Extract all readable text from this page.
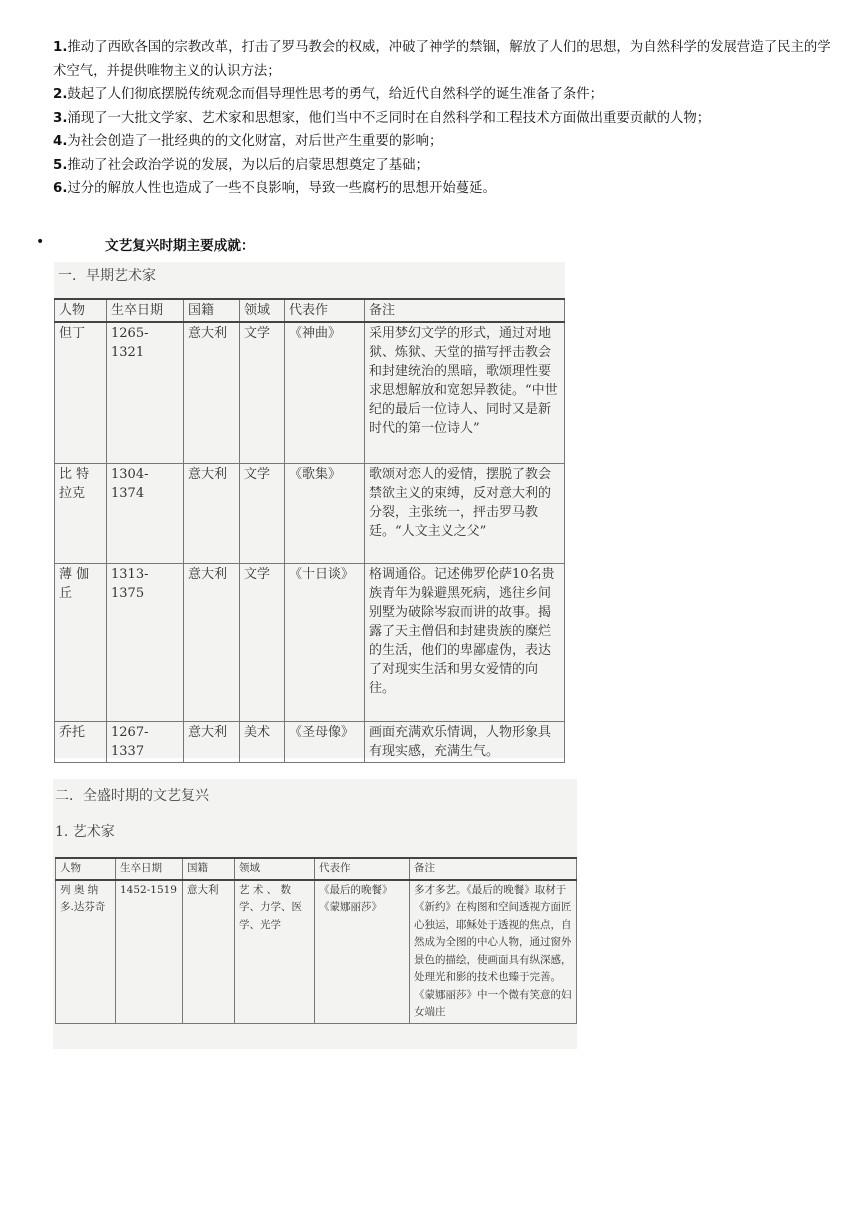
1.推动了西欧各国的宗教改革，打击了罗马教会的权威，冲破了神学的禁锢，解放了人们的思想，为自然科学的发展营造了民主的学术空气，并提供唯物主义的认识方法；

2.鼓起了人们彻底摆脱传统观念而倡导理性思考的勇气，给近代自然科学的诞生准备了条件；

3.涌现了一大批文学家、艺术家和思想家，他们当中不乏同时在自然科学和工程技术方面做出重要贡献的人物；

4.为社会创造了一批经典的的文化财富，对后世产生重要的影响；

5.推动了社会政治学说的发展，为以后的启蒙思想奠定了基础；

6.过分的解放人性也造成了一些不良影响，导致一些腐朽的思想开始蔓延。

•	文艺复兴时期主要成就：
一．早期艺术家
人物	生卒日期	国籍	领域	代表作	备注
但丁	1265-1321	意大利	文学	《神曲》	采用梦幻文学的形式，通过对地狱、炼狱、天堂的描写抨击教会和封建统治的黑暗，歌颂理性要求思想解放和宽恕异教徒。“中世纪的最后一位诗人、同时又是新时代的第一位诗人”
比 特 拉克	1304-1374	意大利	文学	《歌集》	歌颂对恋人的爱情，摆脱了教会禁欲主义的束缚，反对意大利的分裂，主张统一，抨击罗马教廷。“人文主义之父”
薄 伽 丘	1313-1375	意大利	文学	《十日谈》	格调通俗。记述佛罗伦萨10名贵族青年为躲避黑死病，逃往乡间别墅为破除岑寂而讲的故事。揭露了天主僧侣和封建贵族的糜烂的生活，他们的卑鄙虚伪，表达了对现实生活和男女爱情的向往。
乔托	1267-1337	意大利	美术	《圣母像》	画面充满欢乐情调，人物形象具有现实感，充满生气。
二．全盛时期的文艺复兴
1. 艺术家
人物	生卒日期	国籍	领域	代表作	备注
列 奥 纳 多.达芬奇	1452-1519	意大利	艺 术 、 数学、力学、医学、光学	《最后的晚餐》《蒙娜丽莎》	多才多艺。《最后的晚餐》取材于《新约》在构图和空间透视方面匠心独运，耶稣处于透视的焦点，自然成为全图的中心人物，通过窗外景色的描绘，使画面具有纵深感，处理光和影的技术也臻于完善。《蒙娜丽莎》中一个微有笑意的妇女端庄
